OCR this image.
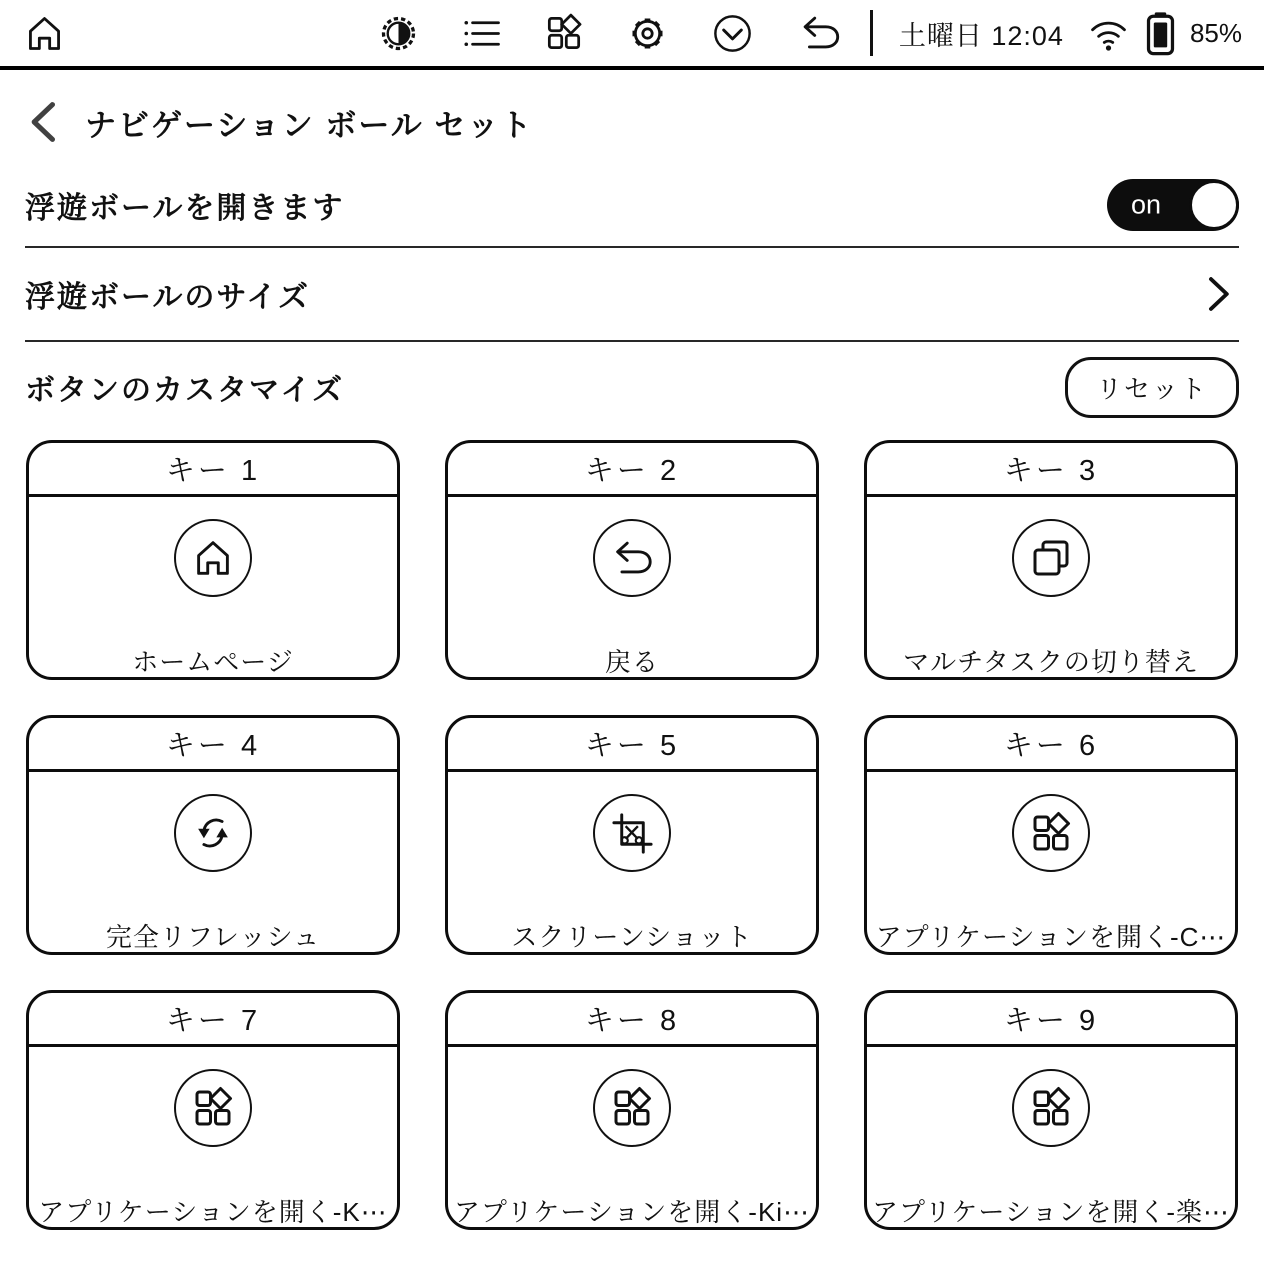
土曜日 12:04	85%
ナビゲーション ボール セット
浮遊ボールを開きます	on
浮遊ボールのサイズ
ボタンのカスタマイズ	リセット
キー 1
ホームページ
キー 2
戻る
キー 3
マルチタスクの切り替え
キー 4
完全リフレッシュ
キー 5
スクリーンショット
キー 6
アプリケーションを開く-C⋯
キー 7
アプリケーションを開く-K⋯
キー 8
アプリケーションを開く-Ki⋯
キー 9
アプリケーションを開く-楽⋯
